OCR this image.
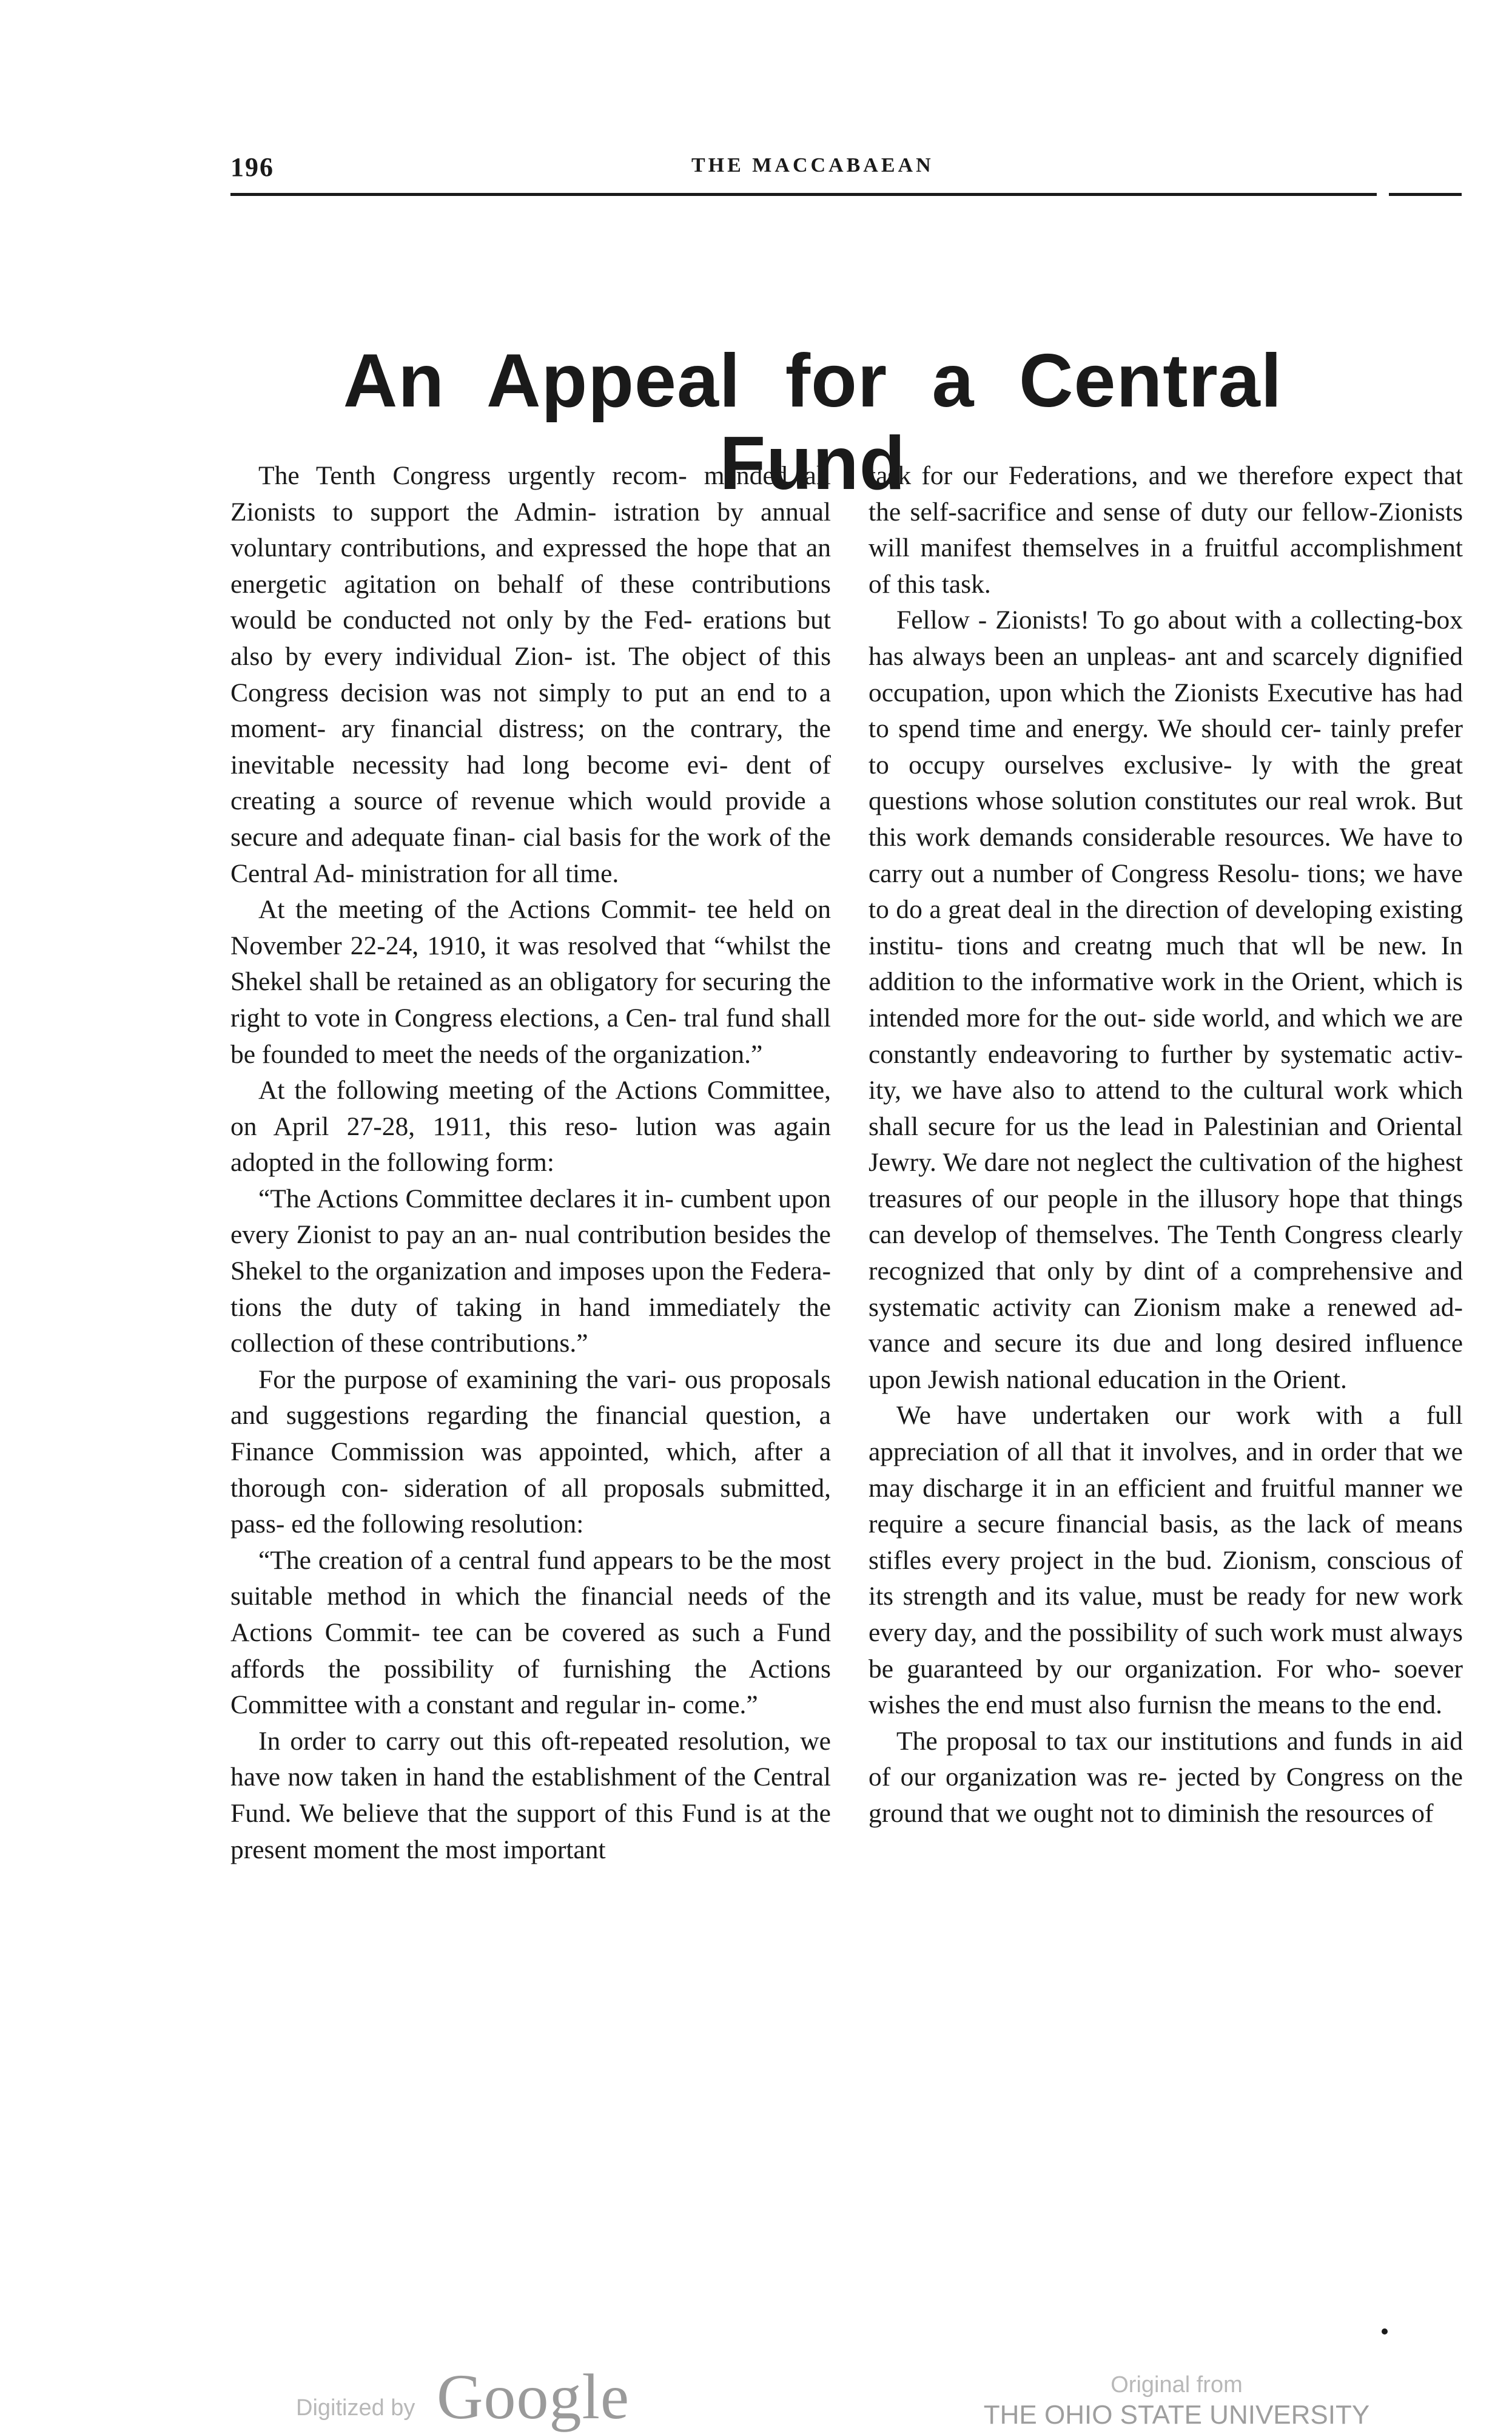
196	THE MACCABAEAN
An Appeal for a Central Fund

The Tenth Congress urgently recom- mended all Zionists to support the Admin- istration by annual voluntary contributions, and expressed the hope that an energetic agitation on behalf of these contributions would be conducted not only by the Fed- erations but also by every individual Zion- ist. The object of this Congress decision was not simply to put an end to a moment- ary financial distress; on the contrary, the inevitable necessity had long become evi- dent of creating a source of revenue which would provide a secure and adequate finan- cial basis for the work of the Central Ad- ministration for all time.

At the meeting of the Actions Commit- tee held on November 22-24, 1910, it was resolved that “whilst the Shekel shall be retained as an obligatory for securing the right to vote in Congress elections, a Cen- tral fund shall be founded to meet the needs of the organization.”

At the following meeting of the Actions Committee, on April 27-28, 1911, this reso- lution was again adopted in the following form:

“The Actions Committee declares it in- cumbent upon every Zionist to pay an an- nual contribution besides the Shekel to the organization and imposes upon the Federa- tions the duty of taking in hand immediately the collection of these contributions.”

For the purpose of examining the vari- ous proposals and suggestions regarding the financial question, a Finance Commission was appointed, which, after a thorough con- sideration of all proposals submitted, pass- ed the following resolution:

“The creation of a central fund appears to be the most suitable method in which the financial needs of the Actions Commit- tee can be covered as such a Fund affords the possibility of furnishing the Actions Committee with a constant and regular in- come.”

In order to carry out this oft-repeated resolution, we have now taken in hand the establishment of the Central Fund. We believe that the support of this Fund is at the present moment the most important

task for our Federations, and we therefore expect that the self-sacrifice and sense of duty our fellow-Zionists will manifest themselves in a fruitful accomplishment of this task.

Fellow - Zionists! To go about with a collecting-box has always been an unpleas- ant and scarcely dignified occupation, upon which the Zionists Executive has had to spend time and energy. We should cer- tainly prefer to occupy ourselves exclusive- ly with the great questions whose solution constitutes our real wrok. But this work demands considerable resources. We have to carry out a number of Congress Resolu- tions; we have to do a great deal in the direction of developing existing institu- tions and creatng much that wll be new. In addition to the informative work in the Orient, which is intended more for the out- side world, and which we are constantly endeavoring to further by systematic activ- ity, we have also to attend to the cultural work which shall secure for us the lead in Palestinian and Oriental Jewry. We dare not neglect the cultivation of the highest treasures of our people in the illusory hope that things can develop of themselves. The Tenth Congress clearly recognized that only by dint of a comprehensive and systematic activity can Zionism make a renewed ad- vance and secure its due and long desired influence upon Jewish national education in the Orient.

We have undertaken our work with a full appreciation of all that it involves, and in order that we may discharge it in an efficient and fruitful manner we require a secure financial basis, as the lack of means stifles every project in the bud. Zionism, conscious of its strength and its value, must be ready for new work every day, and the possibility of such work must always be guaranteed by our organization. For who- soever wishes the end must also furnisn the means to the end.

The proposal to tax our institutions and funds in aid of our organization was re- jected by Congress on the ground that we ought not to diminish the resources of

Digitized by Google	Original from
THE OHIO STATE UNIVERSITY
